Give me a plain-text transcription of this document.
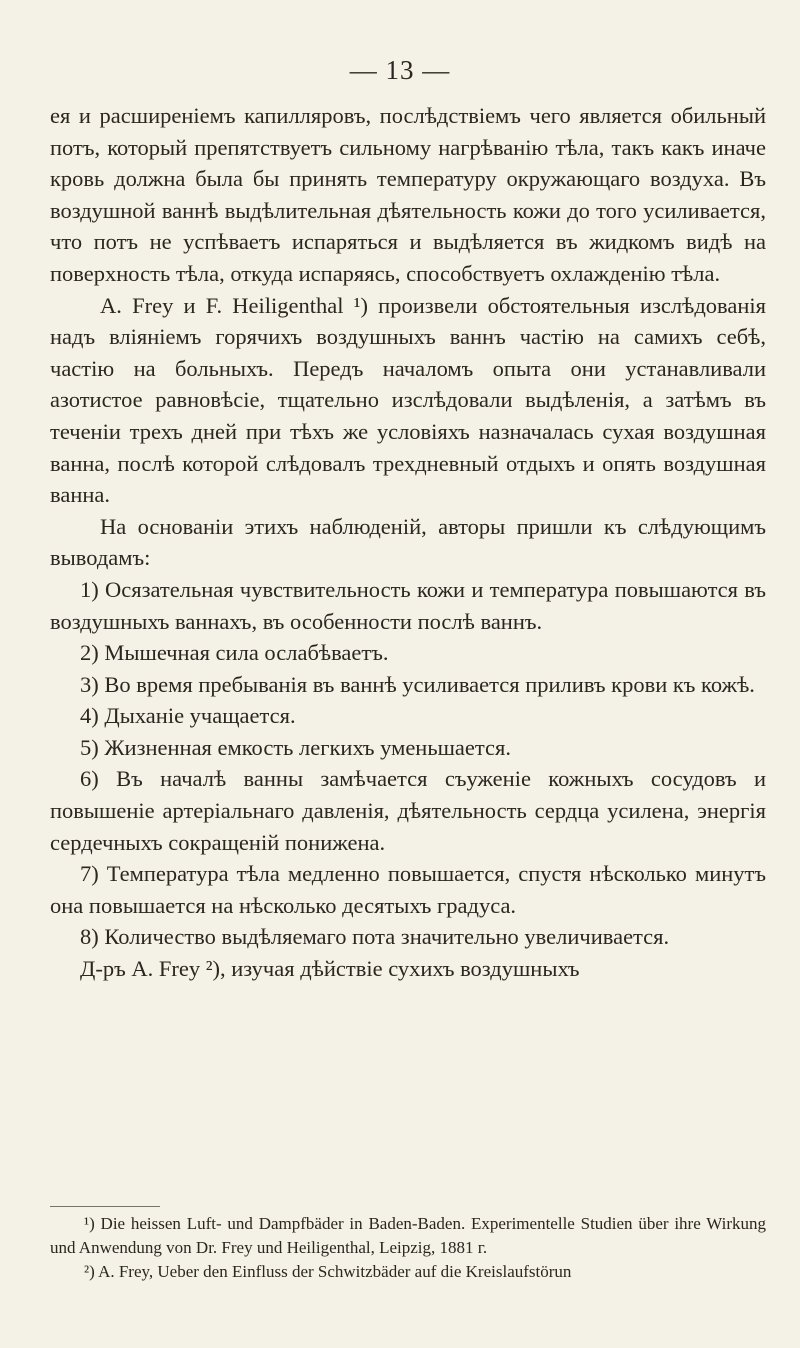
— 13 —

ея и расширеніемъ капилляровъ, послѣдствіемъ чего является обильный потъ, который препятствуетъ сильному нагрѣванію тѣла, такъ какъ иначе кровь должна была бы принять температуру окружающаго воздуха. Въ воздушной ваннѣ выдѣлительная дѣятельность кожи до того усиливается, что потъ не успѣваетъ испаряться и выдѣляется въ жидкомъ видѣ на поверхность тѣла, откуда испаряясь, способствуетъ охлажденію тѣла.

A. Frey и F. Heiligenthal ¹) произвели обстоятельныя изслѣдованія надъ вліяніемъ горячихъ воздушныхъ ваннъ частію на самихъ себѣ, частію на больныхъ. Передъ началомъ опыта они устанавливали азотистое равновѣсіе, тщательно изслѣдовали выдѣленія, а затѣмъ въ теченіи трехъ дней при тѣхъ же условіяхъ назначалась сухая воздушная ванна, послѣ которой слѣдовалъ трехдневный отдыхъ и опять воздушная ванна.

На основаніи этихъ наблюденій, авторы пришли къ слѣдующимъ выводамъ:

1) Осязательная чувствительность кожи и температура повышаются въ воздушныхъ ваннахъ, въ особенности послѣ ваннъ.

2) Мышечная сила ослабѣваетъ.

3) Во время пребыванія въ ваннѣ усиливается приливъ крови къ кожѣ.

4) Дыханіе учащается.

5) Жизненная емкость легкихъ уменьшается.

6) Въ началѣ ванны замѣчается съуженіе кожныхъ сосудовъ и повышеніе артеріальнаго давленія, дѣятельность сердца усилена, энергія сердечныхъ сокращеній понижена.

7) Температура тѣла медленно повышается, спустя нѣсколько минутъ она повышается на нѣсколько десятыхъ градуса.

8) Количество выдѣляемаго пота значительно увеличивается.

Д-ръ A. Frey ²), изучая дѣйствіе сухихъ воздушныхъ

¹) Die heissen Luft- und Dampfbäder in Baden-Baden. Experimentelle Studien über ihre Wirkung und Anwendung von Dr. Frey und Heiligenthal, Leipzig, 1881 г.

²) A. Frey, Ueber den Einfluss der Schwitzbäder auf die Kreislaufstörun
